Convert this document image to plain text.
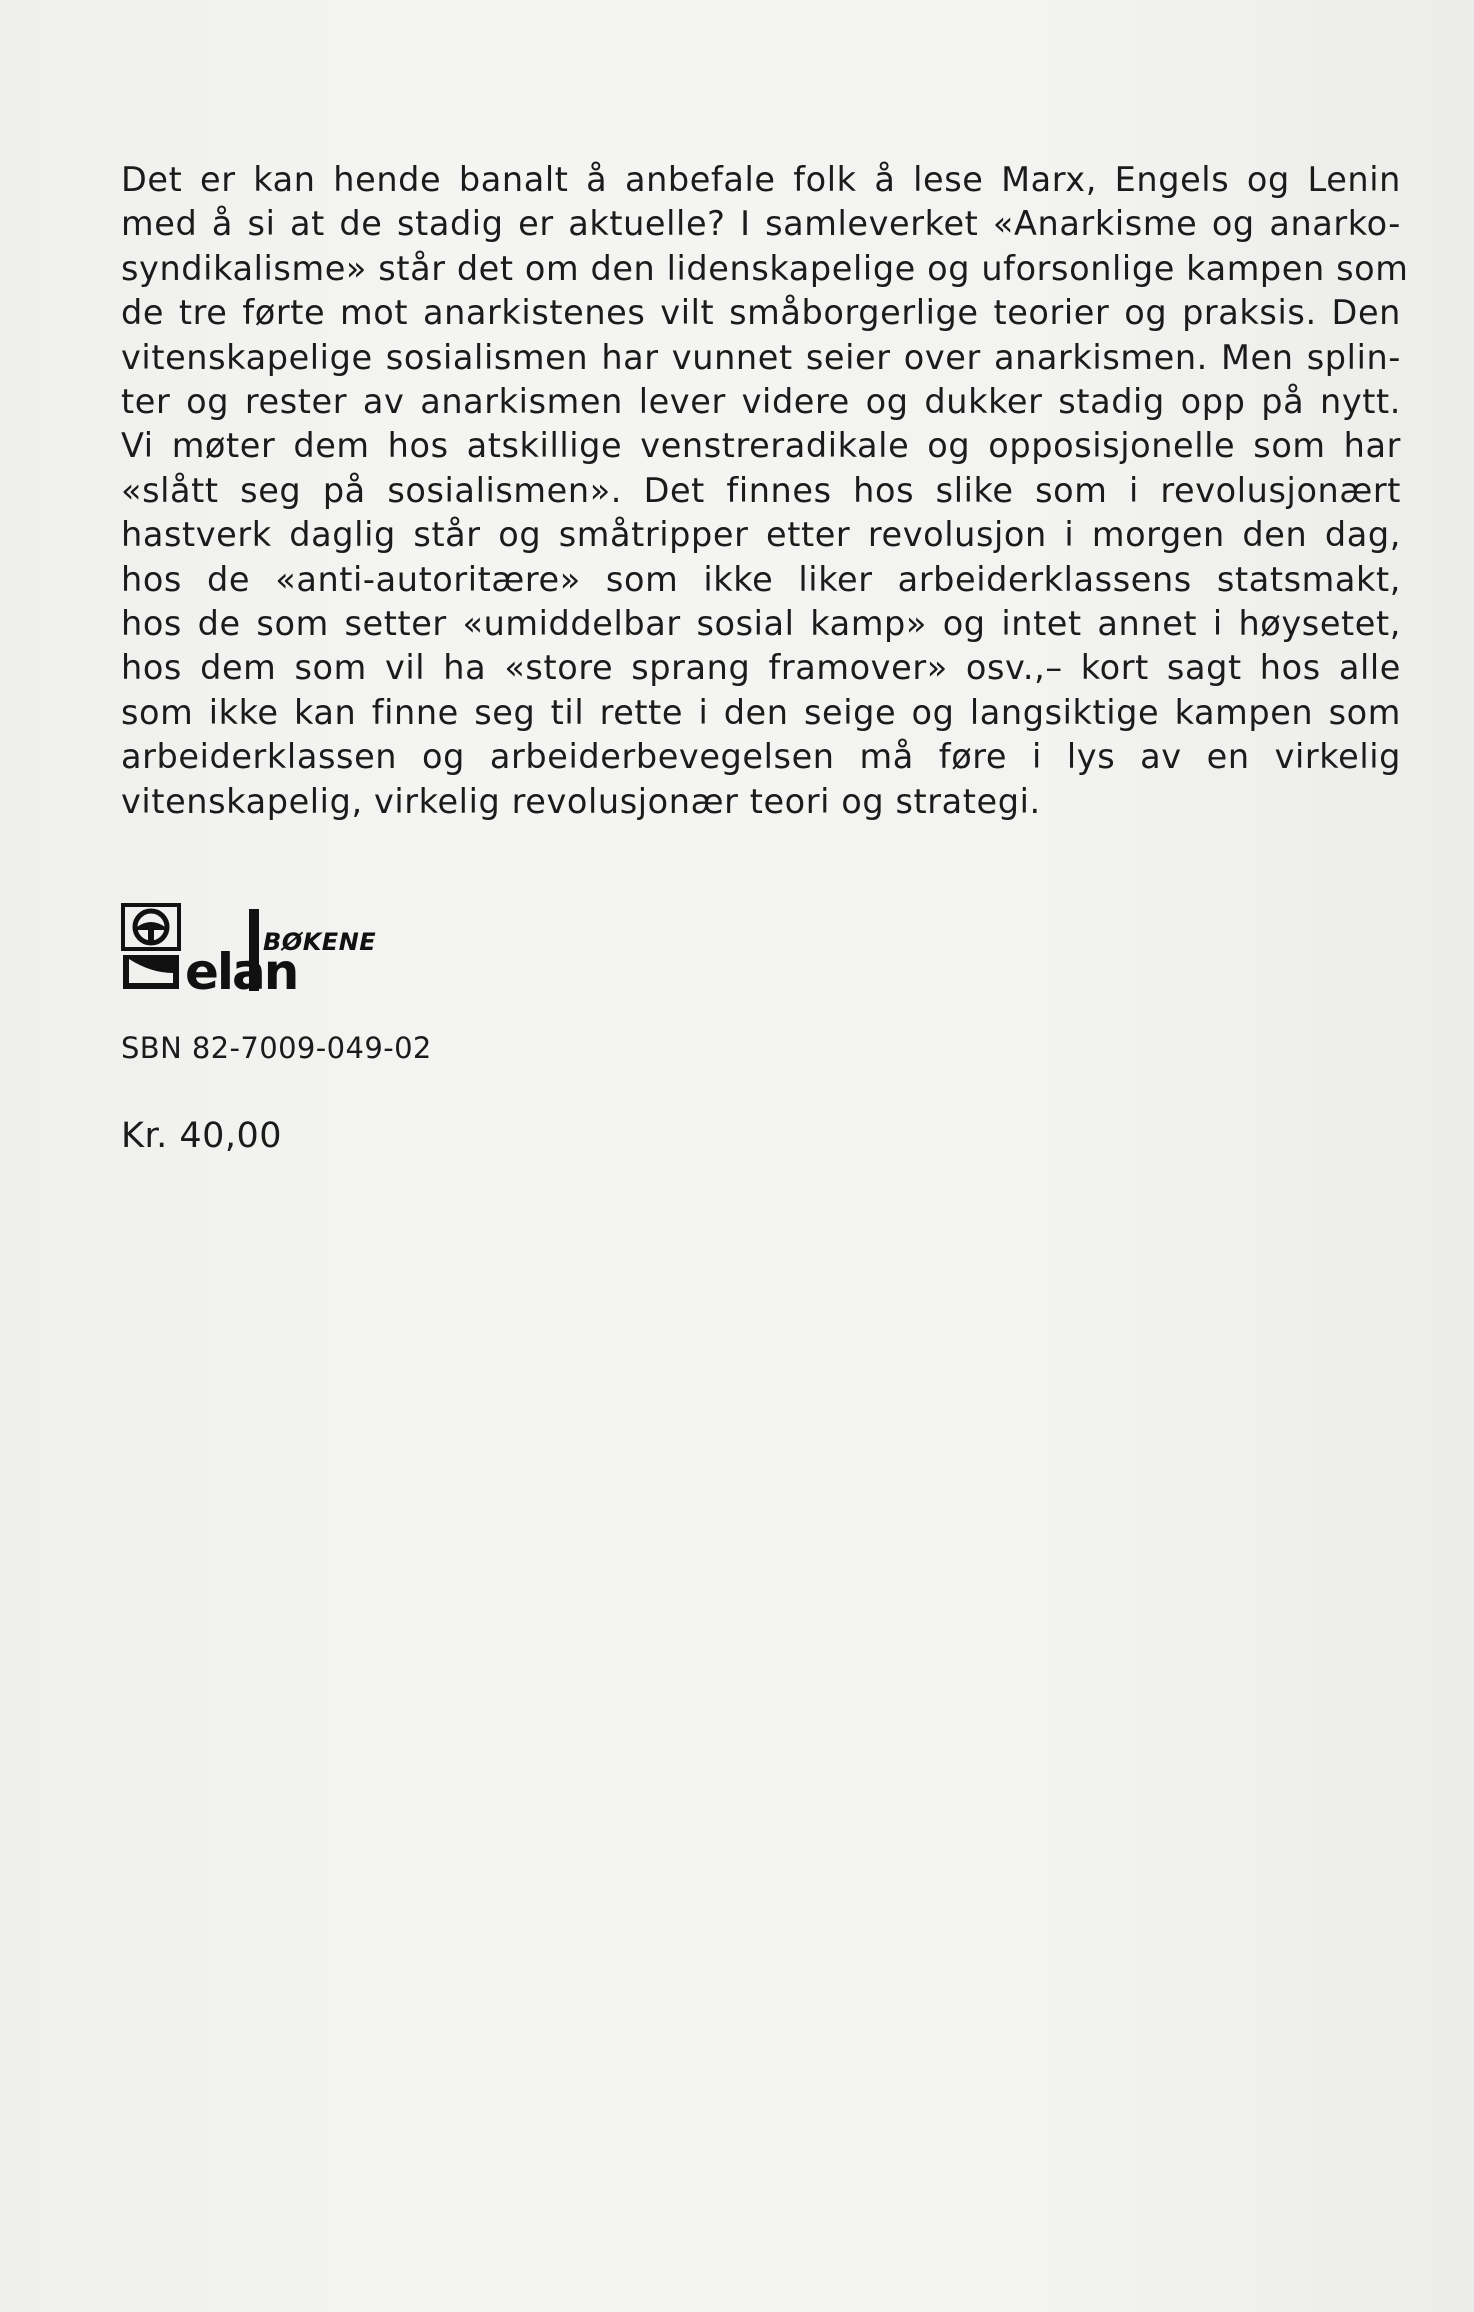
Det er kan hende banalt å anbefale folk å lese Marx, Engels og Lenin
med å si at de stadig er aktuelle? I samleverket «Anarkisme og anarko-
syndikalisme» står det om den lidenskapelige og uforsonlige kampen som
de tre førte mot anarkistenes vilt småborgerlige teorier og praksis. Den
vitenskapelige sosialismen har vunnet seier over anarkismen. Men splin-
ter og rester av anarkismen lever videre og dukker stadig opp på nytt.
Vi møter dem hos atskillige venstreradikale og opposisjonelle som har
«slått seg på sosialismen». Det finnes hos slike som i revolusjonært
hastverk daglig står og småtripper etter revolusjon i morgen den dag,
hos de «anti-autoritære» som ikke liker arbeiderklassens statsmakt,
hos de som setter «umiddelbar sosial kamp» og intet annet i høysetet,
hos dem som vil ha «store sprang framover» osv.,– kort sagt hos alle
som ikke kan finne seg til rette i den seige og langsiktige kampen som
arbeiderklassen og arbeiderbevegelsen må føre i lys av en virkelig
vitenskapelig, virkelig revolusjonær teori og strategi.
elan
BØKENE

SBN 82-7009-049-02

Kr. 40,00
